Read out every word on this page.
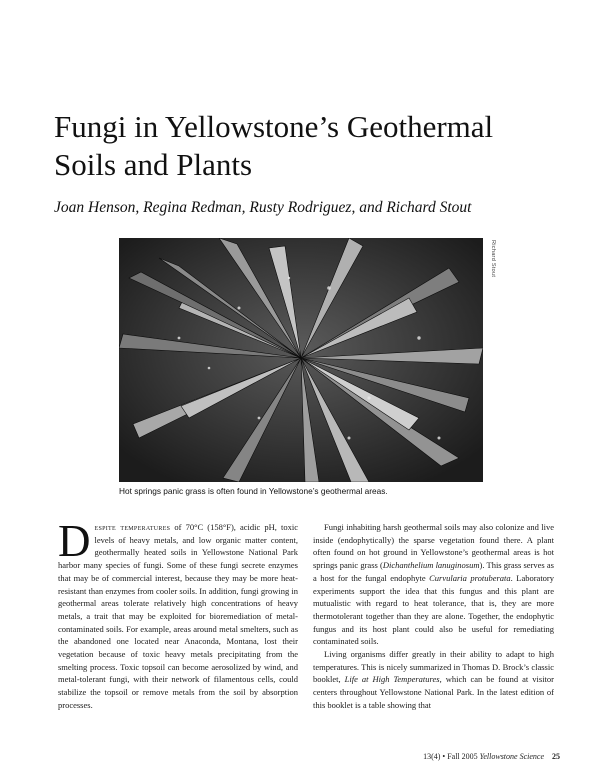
Fungi in Yellowstone’s Geothermal
Soils and Plants
Joan Henson, Regina Redman, Rusty Rodriguez, and Richard Stout
Richard Stout
Hot springs panic grass is often found in Yellowstone’s geothermal areas.

Despite temperatures of 70°C (158°F), acidic pH, toxic levels of heavy metals, and low organic matter content, geothermally heated soils in Yellowstone National Park harbor many species of fungi. Some of these fungi secrete enzymes that may be of commercial interest, because they may be more heat-resistant than enzymes from cooler soils. In addition, fungi growing in geothermal areas tolerate relatively high concentrations of heavy metals, a trait that may be exploited for bioremediation of metal-contaminated soils. For example, areas around metal smelters, such as the abandoned one located near Anaconda, Montana, lost their vegetation because of toxic heavy metals precipitating from the smelting process. Toxic topsoil can become aerosolized by wind, and metal-tolerant fungi, with their network of filamentous cells, could stabilize the topsoil or remove metals from the soil by absorption processes.

Fungi inhabiting harsh geothermal soils may also colonize and live inside (endophytically) the sparse vegetation found there. A plant often found on hot ground in Yellowstone’s geothermal areas is hot springs panic grass (Dichanthelium lanuginosum). This grass serves as a host for the fungal endophyte Curvularia protuberata. Laboratory experiments support the idea that this fungus and this plant are mutualistic with regard to heat tolerance, that is, they are more thermotolerant together than they are alone. Together, the endophytic fungus and its host plant could also be useful for remediating contaminated soils.

Living organisms differ greatly in their ability to adapt to high temperatures. This is nicely summarized in Thomas D. Brock’s classic booklet, Life at High Temperatures, which can be found at visitor centers throughout Yellowstone National Park. In the latest edition of this booklet is a table showing that

13(4) • Fall 2005 Yellowstone Science 25
